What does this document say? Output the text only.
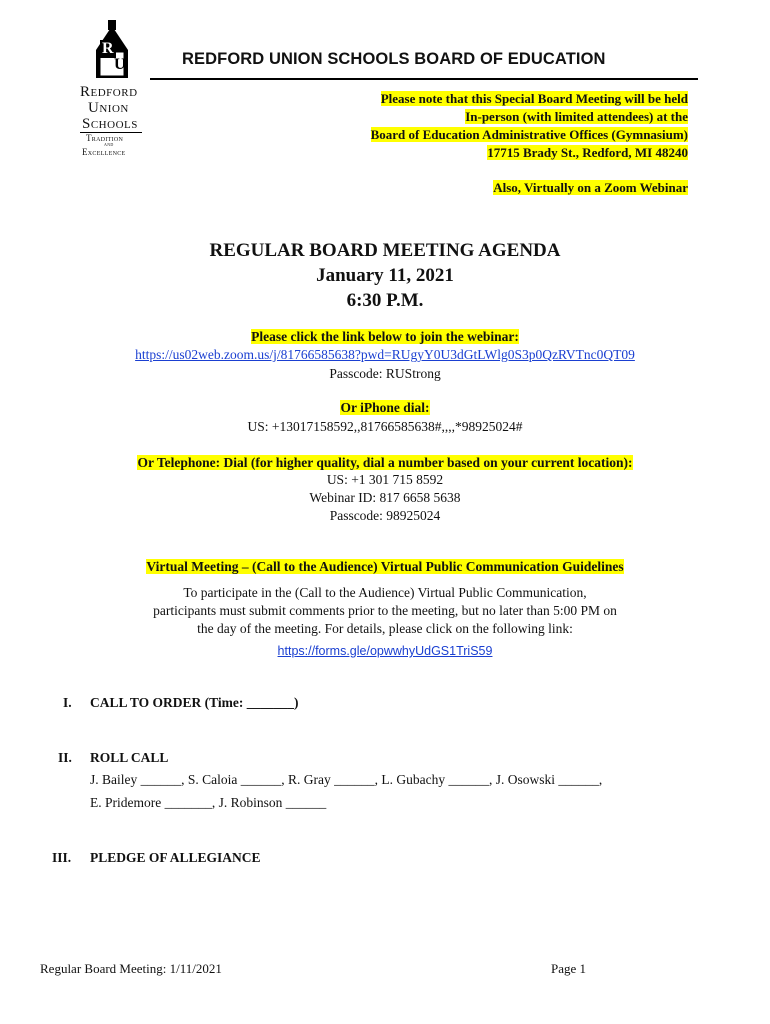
R
U
Redford
Union
Schools
Tradition
and
Excellence
REDFORD UNION SCHOOLS BOARD OF EDUCATION
Please note that this Special Board Meeting will be held
In-person (with limited attendees) at the
Board of Education Administrative Offices (Gymnasium)
17715 Brady St., Redford, MI 48240
Also, Virtually on a Zoom Webinar
REGULAR BOARD MEETING AGENDA
January 11, 2021
6:30 P.M.
Please click the link below to join the webinar:
https://us02web.zoom.us/j/81766585638?pwd=RUgyY0U3dGtLWlg0S3p0QzRVTnc0QT09
Passcode: RUStrong
Or iPhone dial:
US: +13017158592,,81766585638#,,,,*98925024#
Or Telephone: Dial (for higher quality, dial a number based on your current location):
US: +1 301 715 8592
Webinar ID: 817 6658 5638
Passcode: 98925024
Virtual Meeting – (Call to the Audience) Virtual Public Communication Guidelines
To participate in the (Call to the Audience) Virtual Public Communication,
participants must submit comments prior to the meeting, but no later than 5:00 PM on
the day of the meeting. For details, please click on the following link:
https://forms.gle/opwwhyUdGS1TriS59
I. CALL TO ORDER (Time: _______)
II. ROLL CALL
J. Bailey ______, S. Caloia ______, R. Gray ______, L. Gubachy ______, J. Osowski ______,
E. Pridemore _______, J. Robinson ______
III. PLEDGE OF ALLEGIANCE
Regular Board Meeting: 1/11/2021	Page 1
